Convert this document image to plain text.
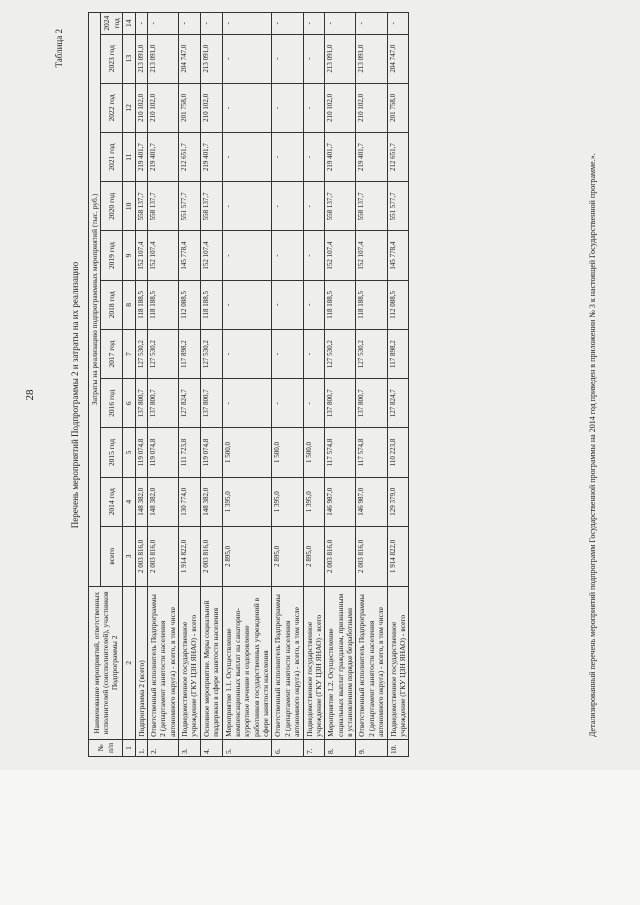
28
Таблица 2
Перечень мероприятий Подпрограммы 2 и затраты на их реализацию
№ п/п	Наименование мероприятий, ответственных исполнителей (соисполнителей), участников Подпрограммы 2	Затраты на реализацию подпрограммных мероприятий (тыс. руб.)											
		всего	2014 год	2015 год	2016 год	2017 год	2018 год	2019 год	2020 год	2021 год	2022 год	2023 год	2024 год
1	2	3	4	5	6	7	8	9	10	11	12	13	14
1.	Подпрограмма 2 (всего)	2 003 816,0	148 382,0	119 074,8	137 800,7	127 530,2	118 188,5	152 107,4	558 137,7	219 401,7	210 102,0	213 091,0	-

2.	Ответственный исполнитель Подпрограммы 2 (департамент занятости населения автономного округа) - всего, в том числе	2 003 816,0	148 382,0	119 074,8	137 800,7	127 530,2	118 188,5	152 107,4	558 137,7	219 401,7	210 102,0	213 091,0	-

3.	Подведомственное государственное учреждение (ГКУ ЦЗН ЯНАО) - всего	1 914 822,0	130 774,0	111 723,8	127 824,7	117 898,2	112 088,5	145 778,4	551 577,7	212 651,7	201 758,0	204 747,0	-

4.	Основное мероприятие. Меры социальной поддержки в сфере занятости населения	2 003 816,0	148 382,0	119 074,8	137 800,7	127 530,2	118 188,5	152 107,4	558 137,7	219 401,7	210 102,0	213 091,0	-

5.	Мероприятие 1.1. Осуществление компенсационных выплат на санаторно-курортное лечение и оздоровление работников государственных учреждений в сфере занятости населения	2 895,0	1 395,0	1 500,0	-	-	-	-	-	-	-	-	-

6.	Ответственный исполнитель Подпрограммы 2 (департамент занятости населения автономного округа) - всего, в том числе	2 895,0	1 395,0	1 500,0	-	-	-	-	-	-	-	-	-

7.	Подведомственное государственное учреждение (ГКУ ЦЗН ЯНАО) - всего	2 895,0	1 395,0	1 500,0	-	-	-	-	-	-	-	-	-

8.	Мероприятие 1.2. Осуществление социальных выплат гражданам, признанным в установленном порядке безработными	2 003 816,0	146 987,0	117 574,8	137 800,7	127 530,2	118 188,5	152 107,4	558 137,7	219 401,7	210 102,0	213 091,0	-

9.	Ответственный исполнитель Подпрограммы 2 (департамент занятости населения автономного округа) - всего, в том числе	2 003 816,0	146 987,0	117 574,8	137 800,7	127 530,2	118 188,5	152 107,4	558 137,7	219 401,7	210 102,0	213 091,0	-

10.	Подведомственное государственное учреждение (ГКУ ЦЗН ЯНАО) - всего	1 914 822,0	129 379,0	110 223,8	127 824,7	117 898,2	112 088,5	145 778,4	551 577,7	212 651,7	201 758,0	204 747,0	-
Детализированный перечень мероприятий подпрограмм Государственной программы на 2014 год приведен в приложении № 3 к настоящей Государственной программе.».
